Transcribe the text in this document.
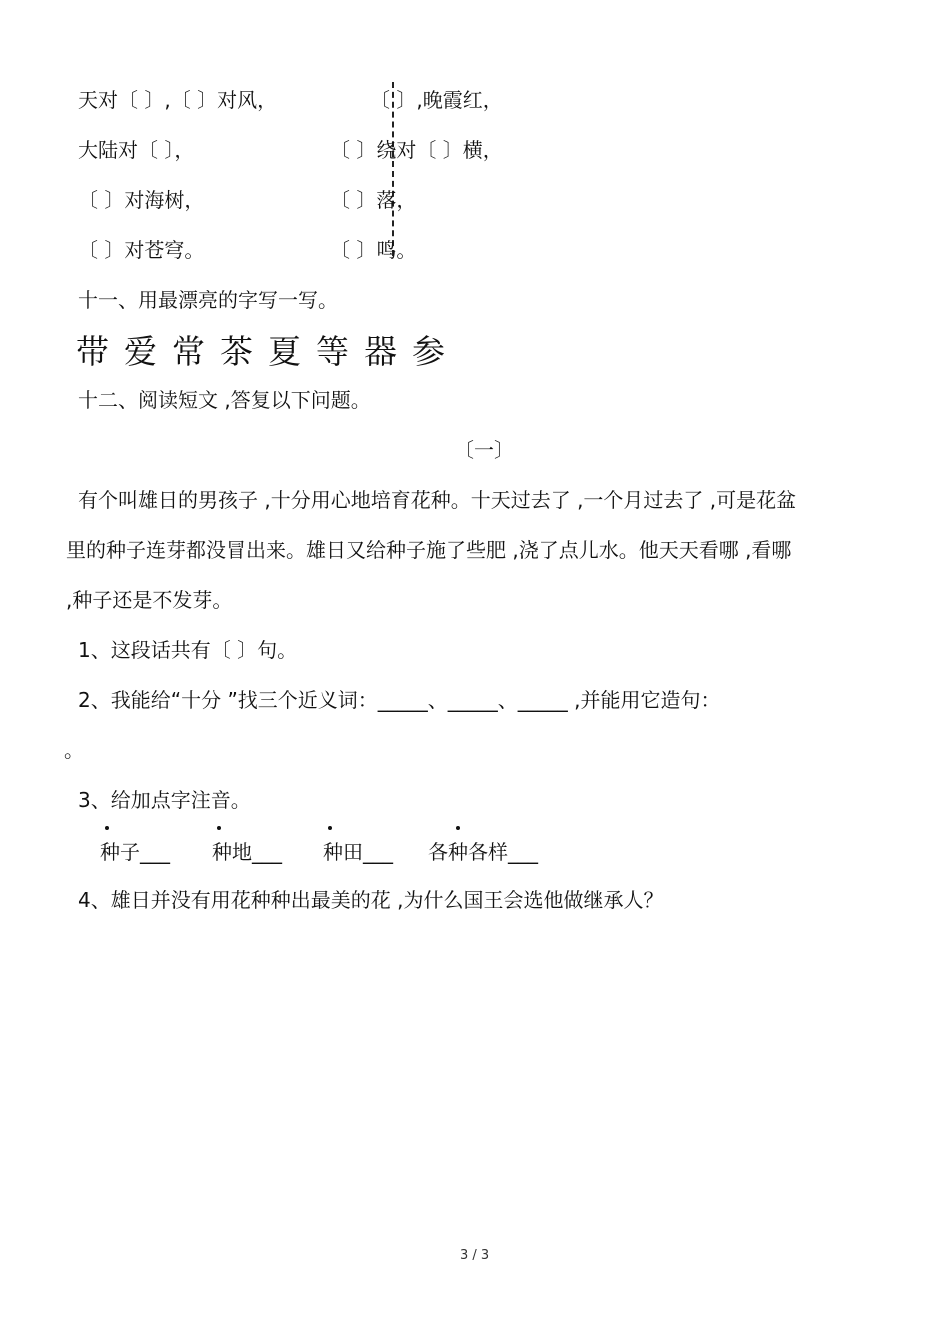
天对〔 〕,〔 〕对风，	〔 〕,晚霞红，
大陆对〔 〕，	〔 〕绕对〔 〕横，
〔 〕对海树，	〔 〕落，
〔 〕对苍穹。	〔 〕鸣。
十一、用最漂亮的字写一写。
带爱常茶夏等器参
十二、阅读短文 ,答复以下问题。
〔一〕
有个叫雄日的男孩子 ,十分用心地培育花种。十天过去了 ,一个月过去了 ,可是花盆
里的种子连芽都没冒出来。雄日又给种子施了些肥 ,浇了点儿水。他天天看哪 ,看哪
,种子还是不发芽。
1、这段话共有〔 〕句。
2、我能给“十分 ”找三个近义词：_____、_____、_____ ,并能用它造句：
。
3、给加点字注音。
种子___ 种地___ 种田___ 各种各样___
4、雄日并没有用花种种出最美的花 ,为什么国王会选他做继承人？
3 / 3
